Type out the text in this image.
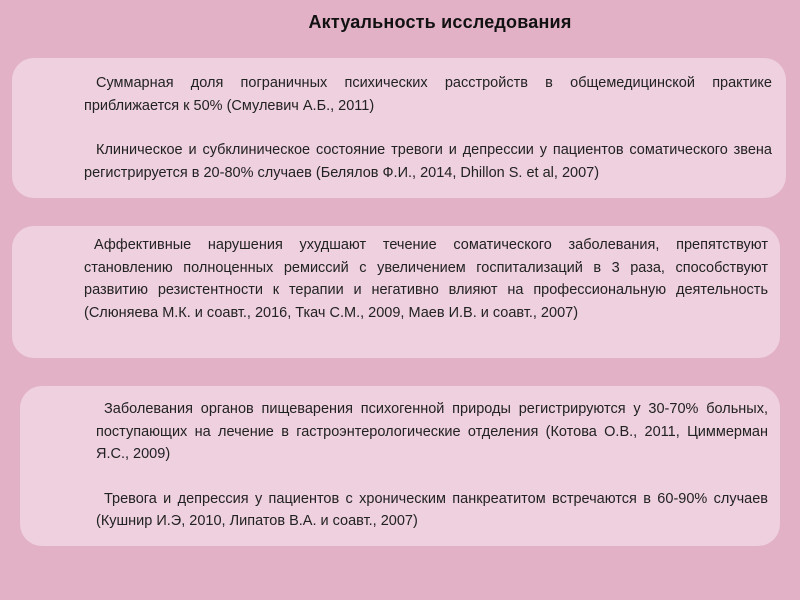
Актуальность исследования

Суммарная доля пограничных психических расстройств в общемедицинской практике приближается к 50% (Смулевич А.Б., 2011)

Клиническое и субклиническое состояние тревоги и депрессии у пациентов соматического звена регистрируется в 20-80% случаев (Белялов Ф.И., 2014, Dhillon S. et al, 2007)

Аффективные нарушения ухудшают течение соматического заболевания, препятствуют становлению полноценных ремиссий с увеличением госпитализаций в 3 раза, способствуют развитию резистентности к терапии и негативно влияют на профессиональную деятельность (Слюняева М.К. и соавт., 2016, Ткач С.М., 2009, Маев И.В. и соавт., 2007)

Заболевания органов пищеварения психогенной природы регистрируются у 30-70% больных, поступающих на лечение в гастроэнтерологические отделения (Котова О.В., 2011, Циммерман Я.С., 2009)

Тревога и депрессия у пациентов с хроническим панкреатитом встречаются в 60-90% случаев (Кушнир И.Э, 2010, Липатов В.А. и соавт., 2007)
